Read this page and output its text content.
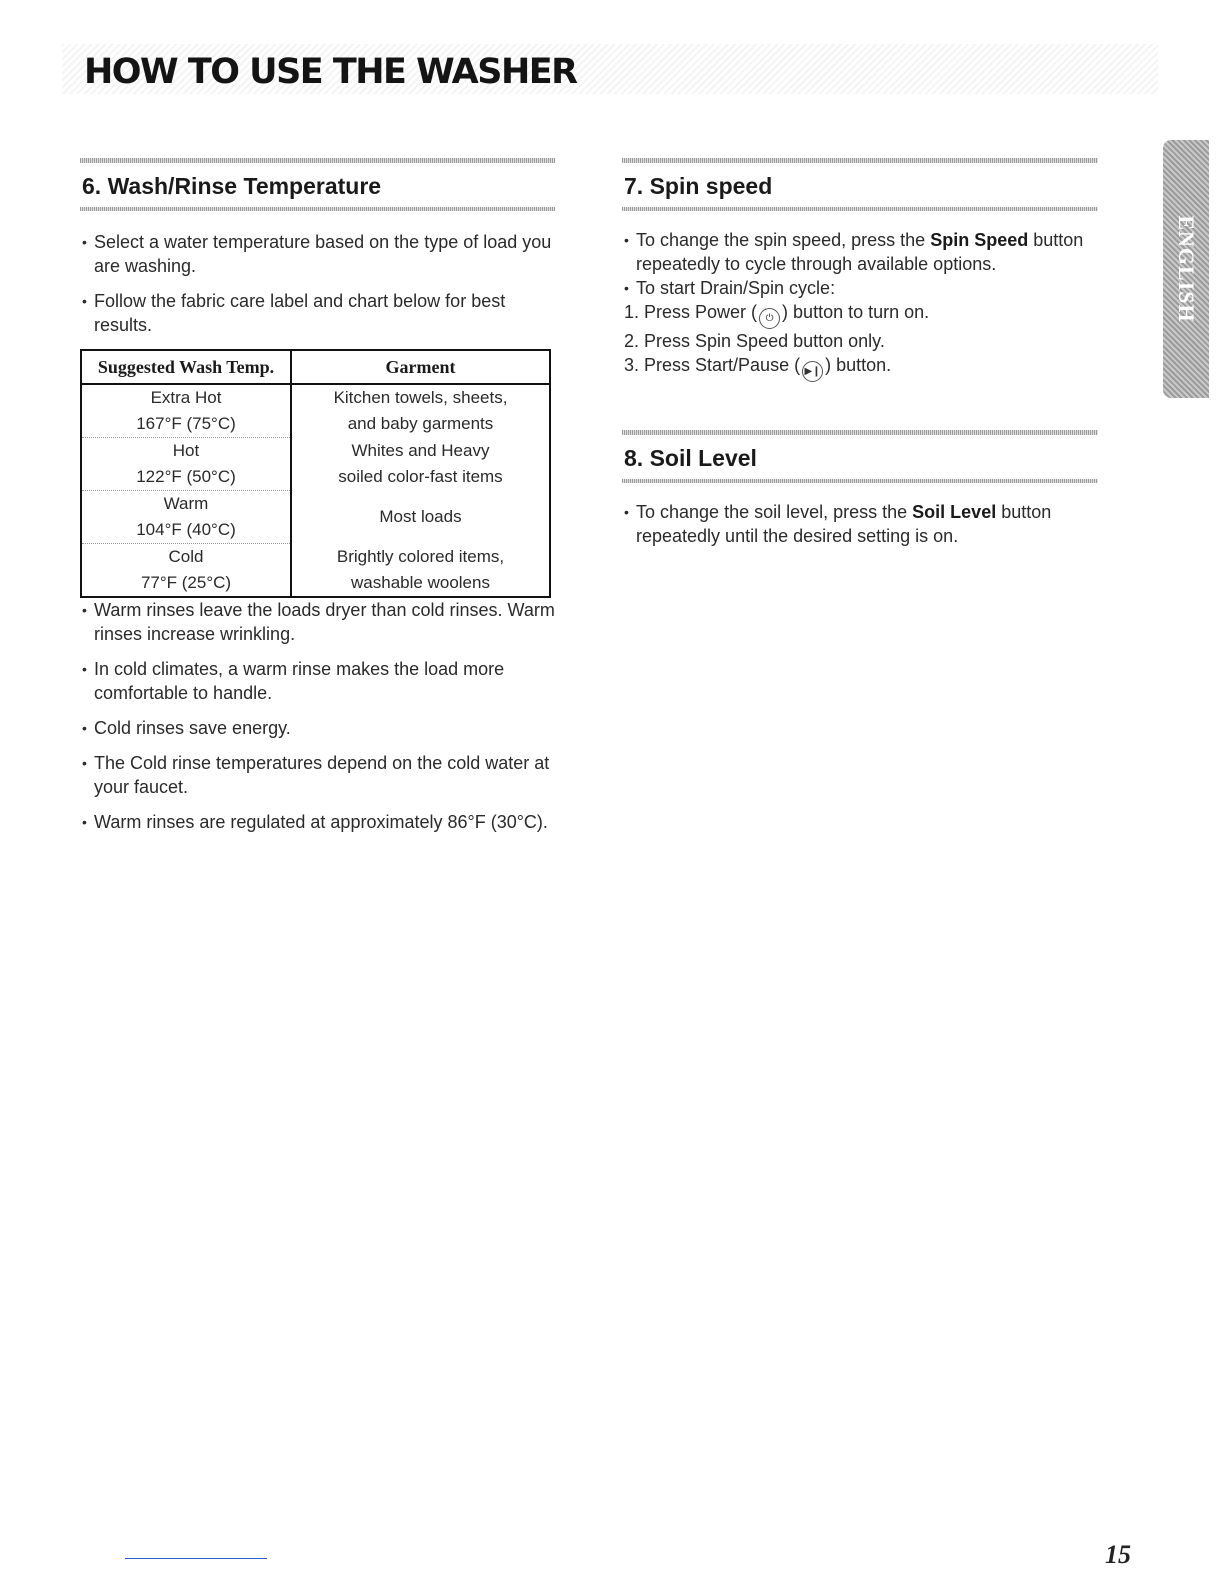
HOW TO USE THE WASHER
ENGLISH
6. Wash/Rinse Temperature
• Select a water temperature based on the type of load you are washing.
• Follow the fabric care label and chart below for best results.
Suggested Wash Temp.	Garment
Extra Hot	Kitchen towels, sheets,
167°F (75°C)	and baby garments
Hot	Whites and Heavy
122°F (50°C)	soiled color-fast items
Warm	Most loads
104°F (40°C)	
Cold	Brightly colored items,
77°F (25°C)	washable woolens
• Warm rinses leave the loads dryer than cold rinses. Warm rinses increase wrinkling.
• In cold climates, a warm rinse makes the load more comfortable to handle.
• Cold rinses save energy.
• The Cold rinse temperatures depend on the cold water at your faucet.
• Warm rinses are regulated at approximately 86°F (30°C).
7. Spin speed
• To change the spin speed, press the Spin Speed button repeatedly to cycle through available options.
• To start Drain/Spin cycle:
1. Press Power ( ⏻ ) button to turn on.
2. Press Spin Speed button only.
3. Press Start/Pause ( ▶❙ ) button.
8. Soil Level
• To change the soil level, press the Soil Level button repeatedly until the desired setting is on.
15
